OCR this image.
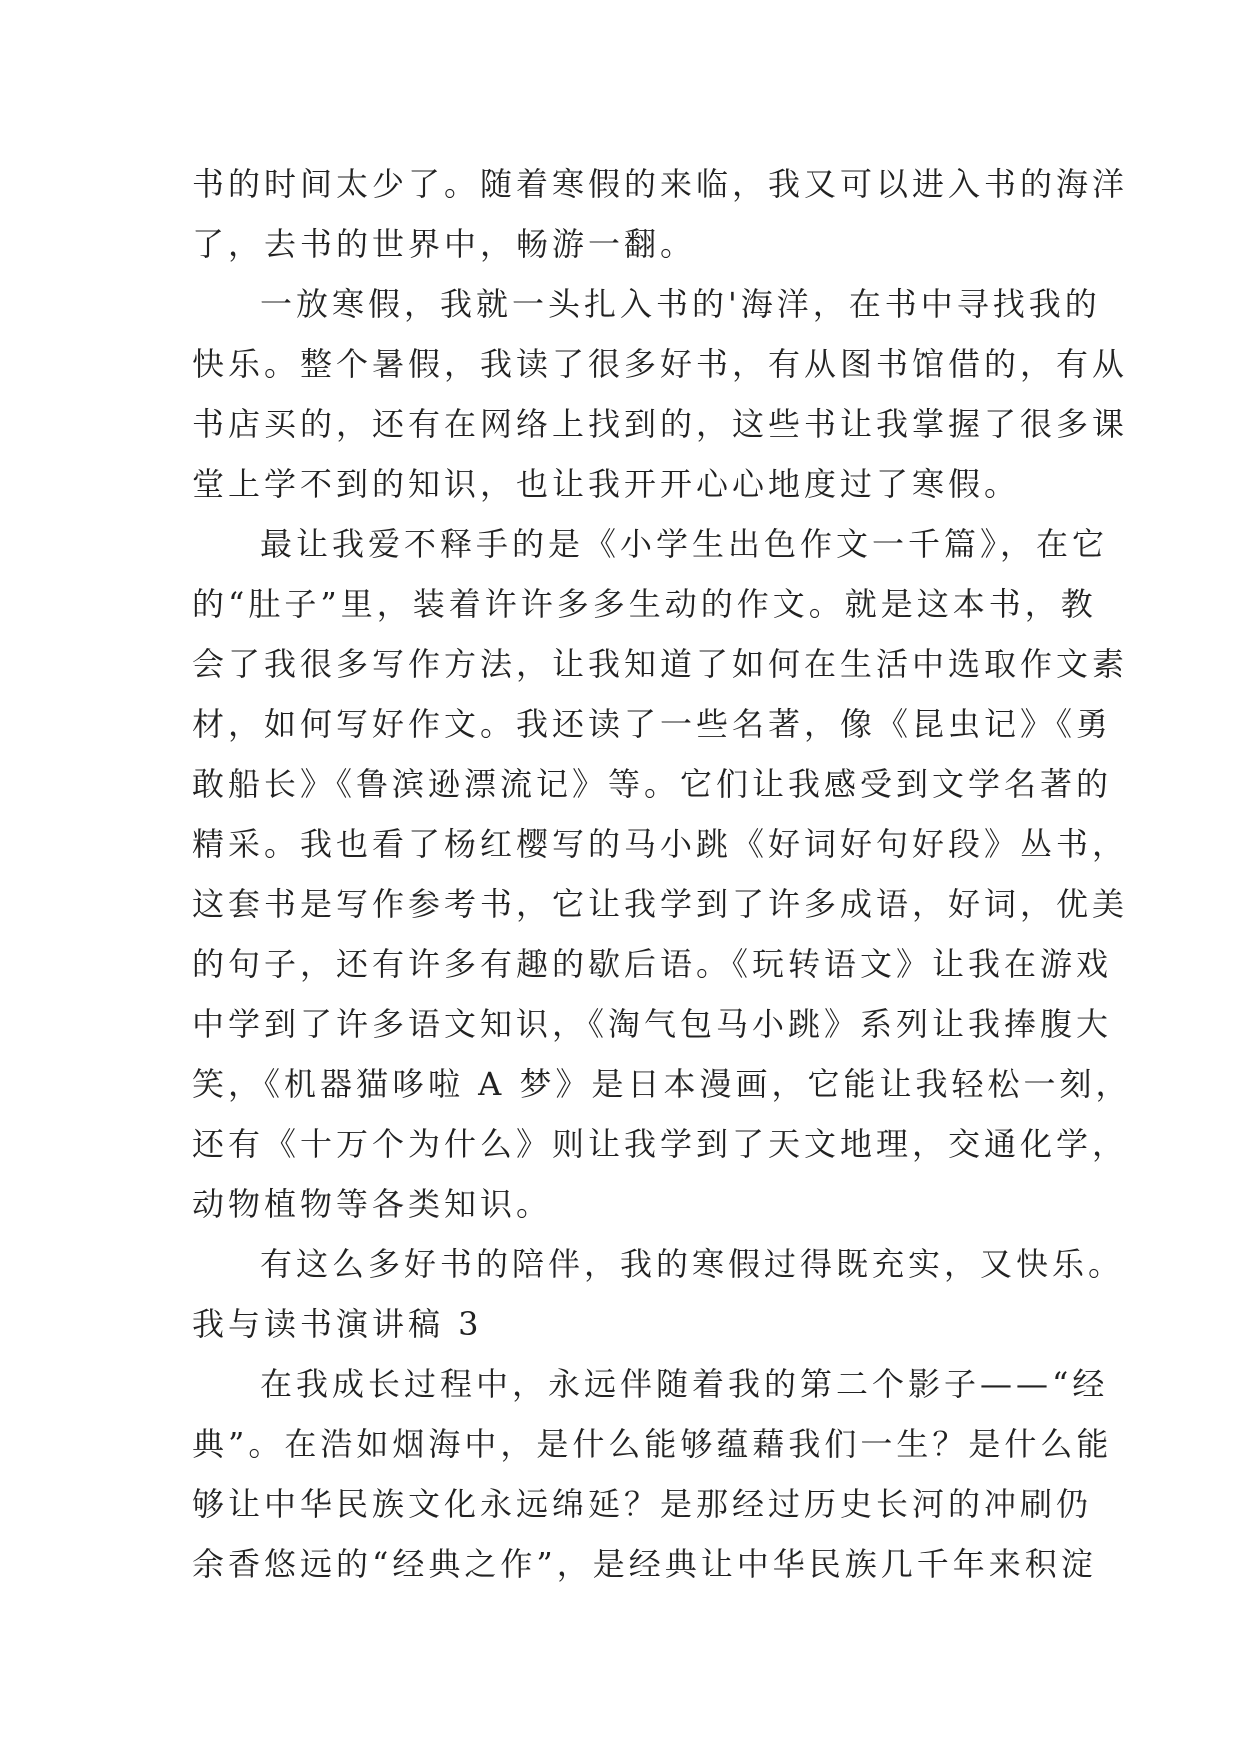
书的时间太少了。随着寒假的来临，我又可以进入书的海洋
了，去书的世界中，畅游一翻。
一放寒假，我就一头扎入书的'海洋，在书中寻找我的
快乐。整个暑假，我读了很多好书，有从图书馆借的，有从
书店买的，还有在网络上找到的，这些书让我掌握了很多课
堂上学不到的知识，也让我开开心心地度过了寒假。
最让我爱不释手的是《小学生出色作文一千篇》，在它
的“肚子”里，装着许许多多生动的作文。就是这本书，教
会了我很多写作方法，让我知道了如何在生活中选取作文素
材，如何写好作文。我还读了一些名著，像《昆虫记》《勇
敢船长》《鲁滨逊漂流记》等。它们让我感受到文学名著的
精采。我也看了杨红樱写的马小跳《好词好句好段》丛书，
这套书是写作参考书，它让我学到了许多成语，好词，优美
的句子，还有许多有趣的歇后语。《玩转语文》让我在游戏
中学到了许多语文知识，《淘气包马小跳》系列让我捧腹大
笑，《机器猫哆啦 A 梦》是日本漫画，它能让我轻松一刻，
还有《十万个为什么》则让我学到了天文地理，交通化学，
动物植物等各类知识。
有这么多好书的陪伴，我的寒假过得既充实，又快乐。
我与读书演讲稿 3
在我成长过程中，永远伴随着我的第二个影子——“经
典”。在浩如烟海中，是什么能够蕴藉我们一生？是什么能
够让中华民族文化永远绵延？是那经过历史长河的冲刷仍
余香悠远的“经典之作”，是经典让中华民族几千年来积淀
